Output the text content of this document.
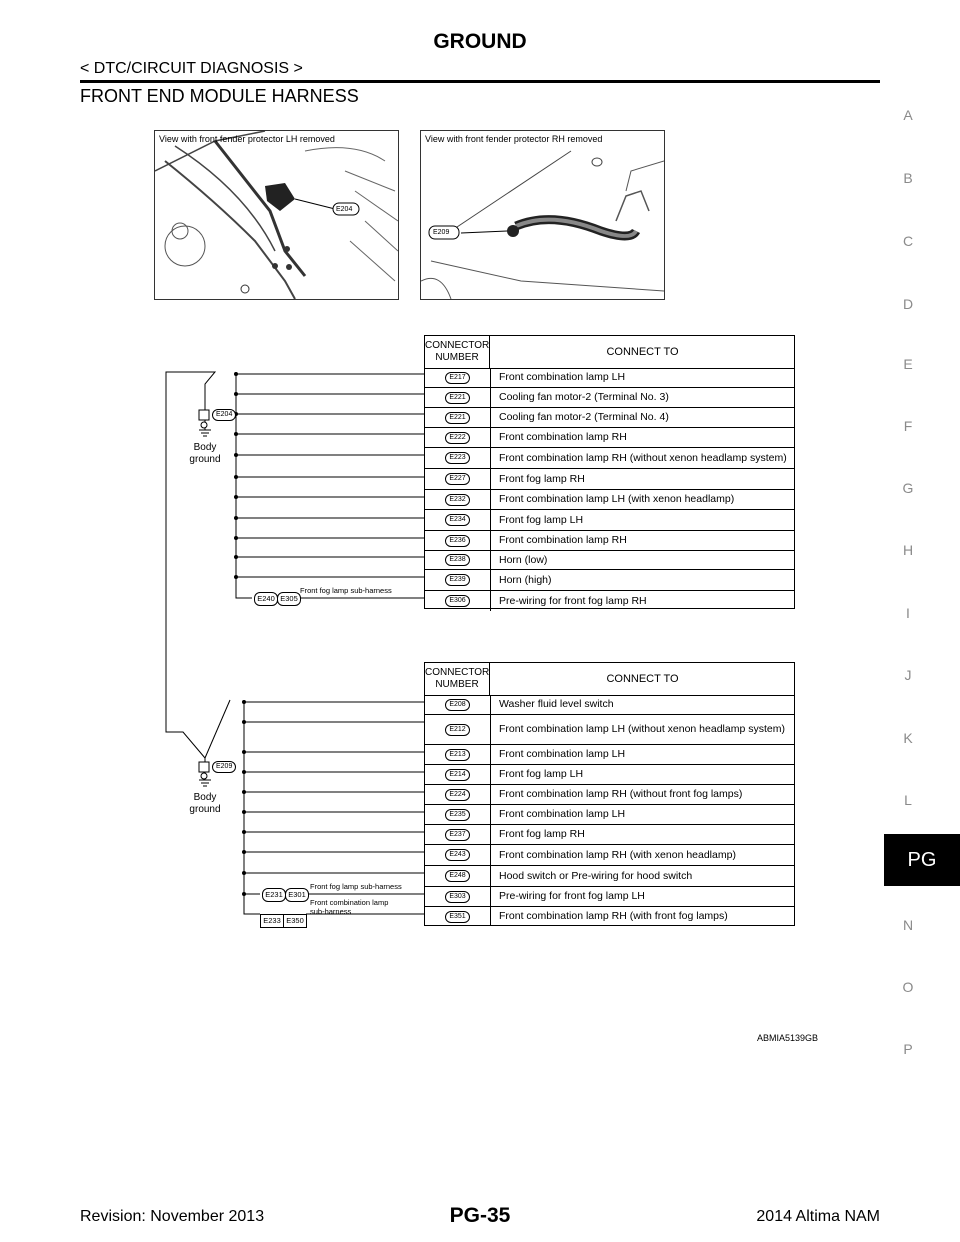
GROUND
< DTC/CIRCUIT DIAGNOSIS >
FRONT END MODULE HARNESS
A
B
C
D
E
F
G
H
I
J
K
L
PG
N
O
P
View with front fender protector LH removed
E204
View with front fender protector RH removed
E209
E204
Body ground
Front fog lamp sub-harness
E240 E305
CONNECTOR NUMBER	CONNECT TO
E217	Front combination lamp LH
E221	Cooling fan motor-2 (Terminal No. 3)
E221	Cooling fan motor-2 (Terminal No. 4)
E222	Front combination lamp RH
E223	Front combination lamp RH (without xenon headlamp system)
E227	Front fog lamp RH
E232	Front combination lamp LH (with xenon headlamp)
E234	Front fog lamp LH
E236	Front combination lamp RH
E238	Horn (low)
E239	Horn (high)
E306	Pre-wiring for front fog lamp RH
E209
Body ground
Front fog lamp sub-harness
E231 E301
Front combination lamp sub-harness
E233 E350
CONNECTOR NUMBER	CONNECT TO
E208	Washer fluid level switch
E212	Front combination lamp LH (without xenon headlamp system)
E213	Front combination lamp LH
E214	Front fog lamp LH
E224	Front combination lamp RH (without front fog lamps)
E235	Front combination lamp LH
E237	Front fog lamp RH
E243	Front combination lamp RH (with xenon headlamp)
E248	Hood switch or Pre-wiring for hood switch
E303	Pre-wiring for front fog lamp LH
E351	Front combination lamp RH (with front fog lamps)
ABMIA5139GB
Revision: November 2013	PG-35	2014 Altima NAM
